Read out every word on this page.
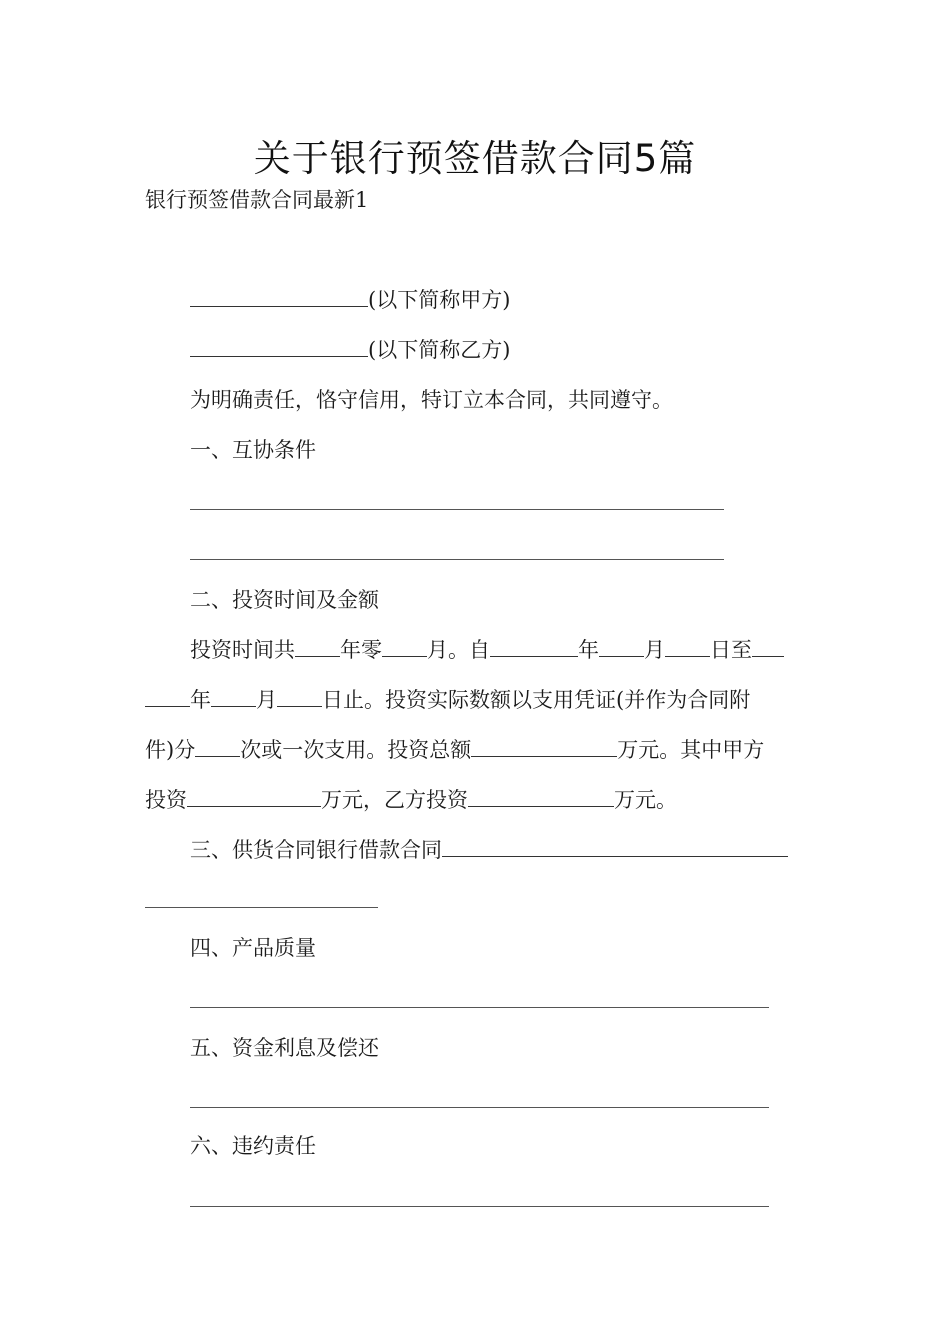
关于银行预签借款合同5篇
银行预签借款合同最新1
(以下简称甲方)
(以下简称乙方)
为明确责任，恪守信用，特订立本合同，共同遵守。
一、互协条件
二、投资时间及金额
投资时间共 年零 月。自	年 月 日至
年 月 日止。投资实际数额以支用凭证(并作为合同附
件)分 次或一次支用。投资总额	万元。其中甲方
投资	万元，乙方投资	万元。
三、供货合同银行借款合同
四、产品质量
五、资金利息及偿还
六、违约责任
